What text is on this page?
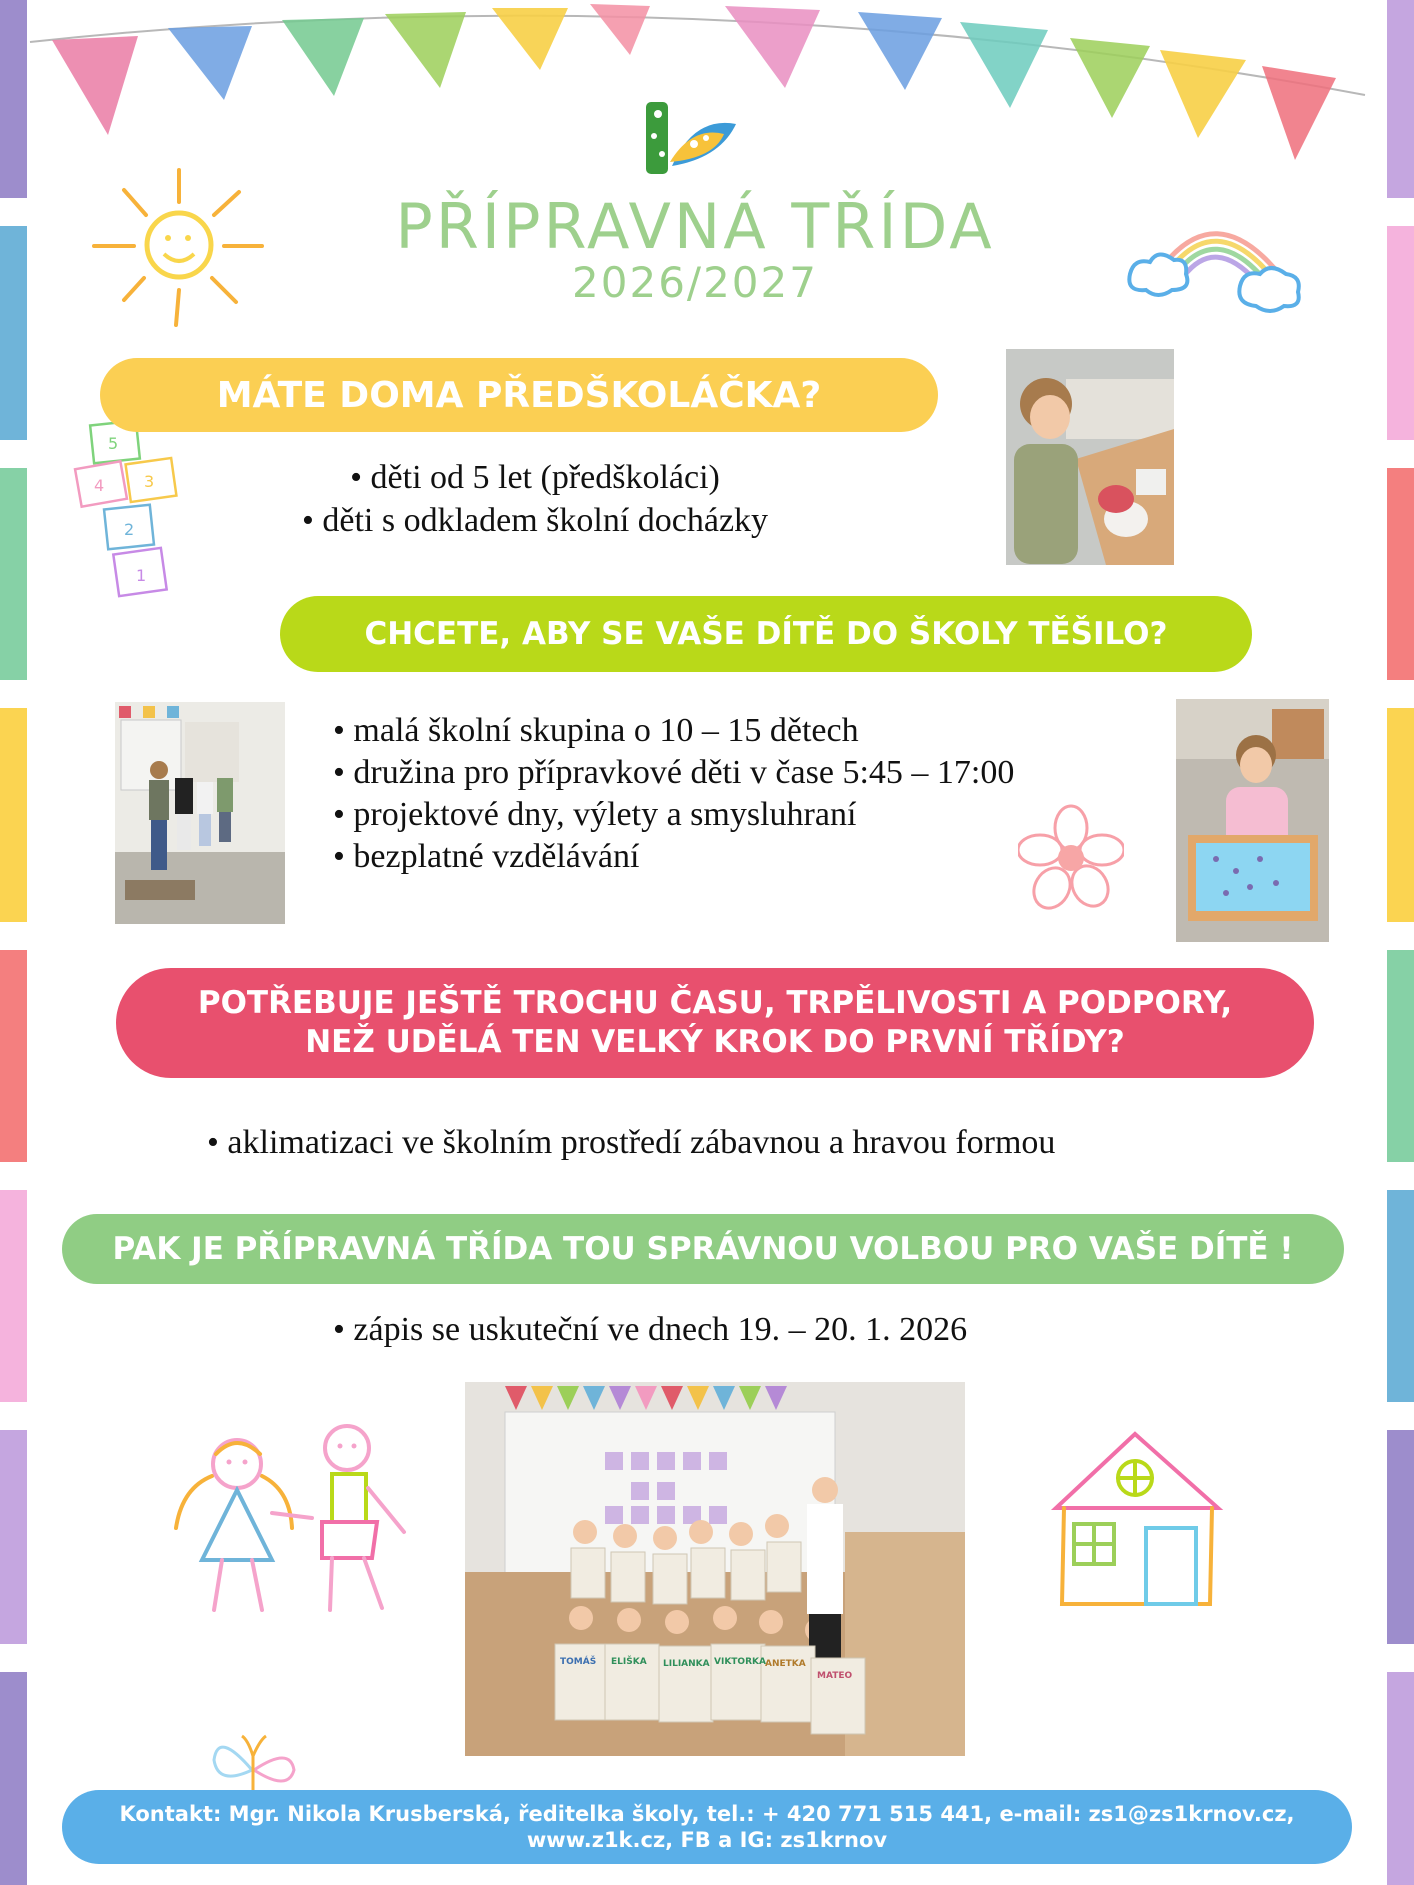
5
4 3
2
1
PŘÍPRAVNÁ TŘÍDA
2026/2027
MÁTE DOMA PŘEDŠKOLÁČKA?
• děti od 5 let (předškoláci)
• děti s odkladem školní docházky
CHCETE, ABY SE VAŠE DÍTĚ DO ŠKOLY TĚŠILO?
• malá školní skupina o 10 – 15 dětech
• družina pro přípravkové děti v čase 5:45 – 17:00
• projektové dny, výlety a smysluhraní
• bezplatné vzdělávání
POTŘEBUJE JEŠTĚ TROCHU ČASU, TRPĚLIVOSTI A PODPORY,
NEŽ UDĚLÁ TEN VELKÝ KROK DO PRVNÍ TŘÍDY?
• aklimatizaci ve školním prostředí zábavnou a hravou formou
PAK JE PŘÍPRAVNÁ TŘÍDA TOU SPRÁVNOU VOLBOU PRO VAŠE DÍTĚ !
• zápis se uskuteční ve dnech 19. – 20. 1. 2026
TOMÁŠ ELIŠKA LILIANKA VIKTORKA ANETKA
MATEO
Kontakt: Mgr. Nikola Krusberská, ředitelka školy, tel.: + 420 771 515 441, e-mail: zs1@zs1krnov.cz,
www.z1k.cz, FB a IG: zs1krnov
